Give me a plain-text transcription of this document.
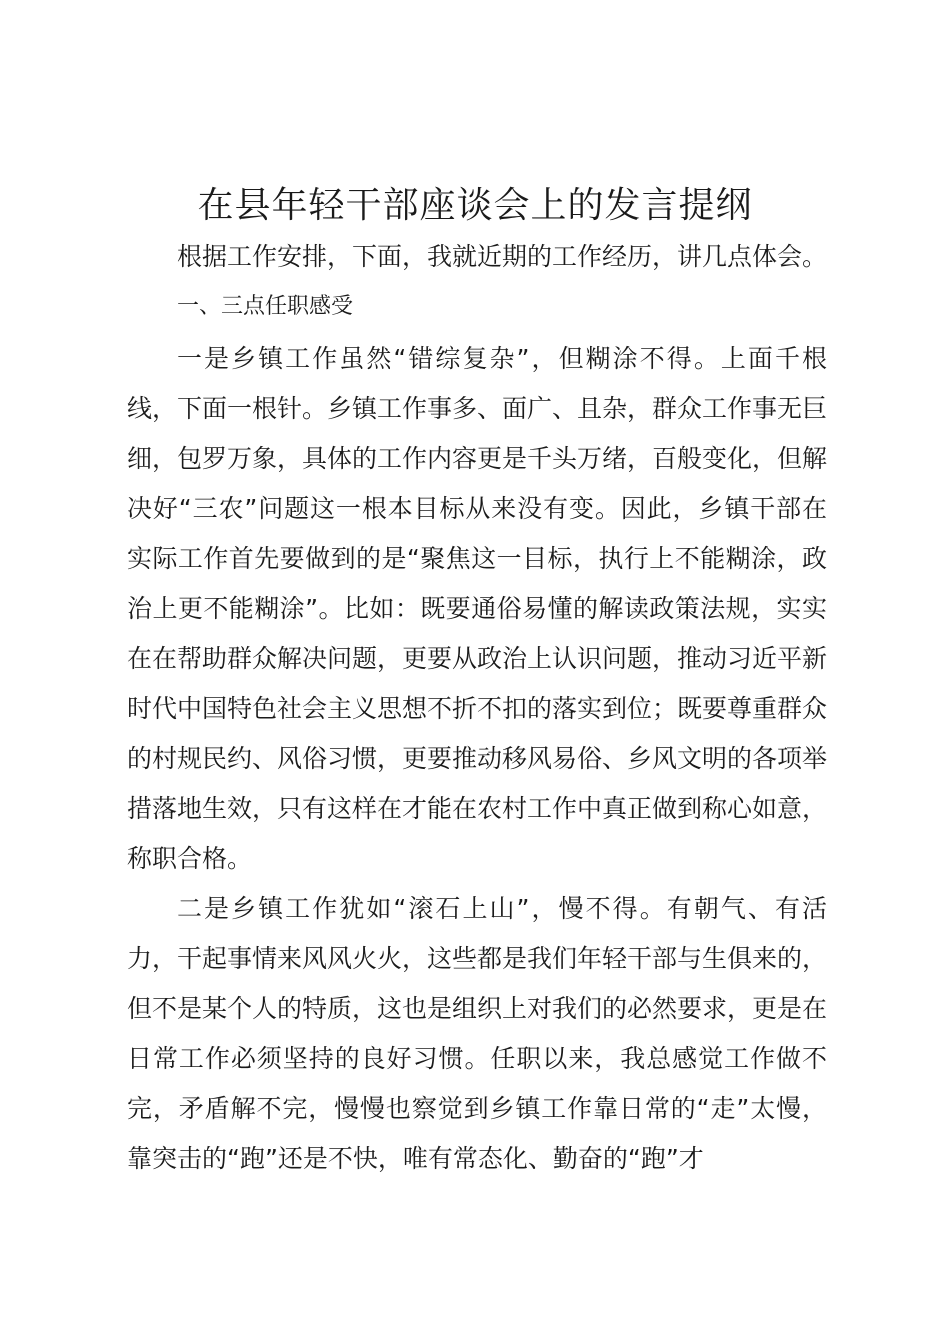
在县年轻干部座谈会上的发言提纲

根据工作安排，下面，我就近期的工作经历，讲几点体会。

一、三点任职感受

一是乡镇工作虽然“错综复杂”，但糊涂不得。上面千根线，下面一根针。乡镇工作事多、面广、且杂，群众工作事无巨细，包罗万象，具体的工作内容更是千头万绪，百般变化，但解决好“三农”问题这一根本目标从来没有变。因此，乡镇干部在实际工作首先要做到的是“聚焦这一目标，执行上不能糊涂，政治上更不能糊涂”。比如：既要通俗易懂的解读政策法规，实实在在帮助群众解决问题，更要从政治上认识问题，推动习近平新时代中国特色社会主义思想不折不扣的落实到位；既要尊重群众的村规民约、风俗习惯，更要推动移风易俗、乡风文明的各项举措落地生效，只有这样在才能在农村工作中真正做到称心如意，称职合格。

二是乡镇工作犹如“滚石上山”，慢不得。有朝气、有活力，干起事情来风风火火，这些都是我们年轻干部与生俱来的，但不是某个人的特质，这也是组织上对我们的必然要求，更是在日常工作必须坚持的良好习惯。任职以来，我总感觉工作做不完，矛盾解不完，慢慢也察觉到乡镇工作靠日常的“走”太慢，靠突击的“跑”还是不快，唯有常态化、勤奋的“跑”才
